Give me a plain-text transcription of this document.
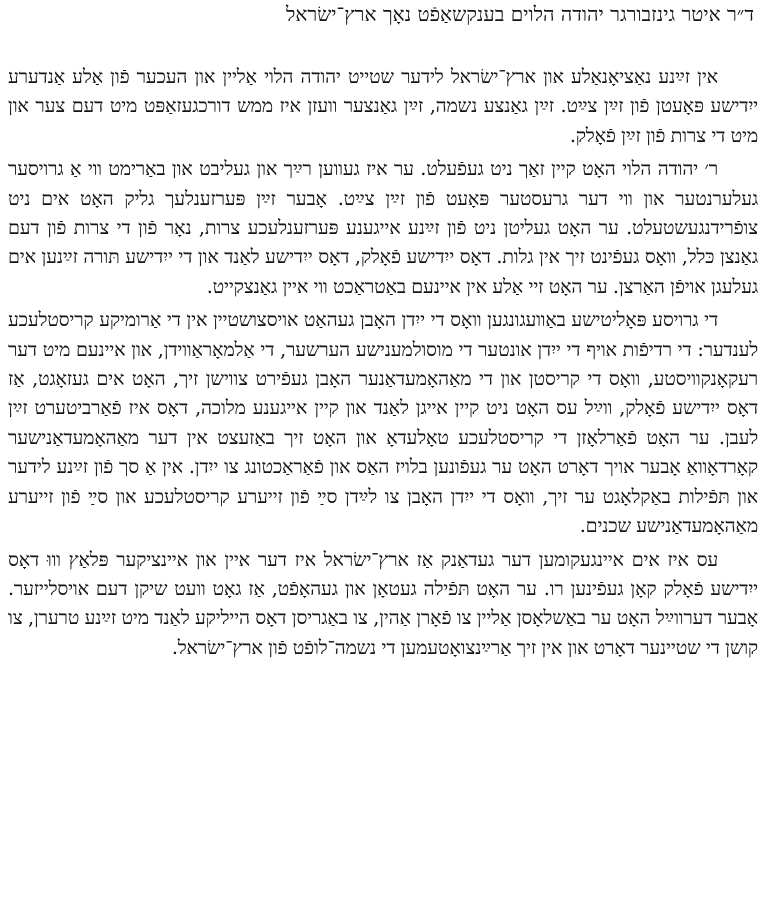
ד״ר איטר גינזבורגר יהודה הלוים בענקשאַפֿט נאָך ארץ־ישׂראל

אין זײַנע נאַציאָנאַלע און ארץ־ישׂראל לידער שטייט יהודה הלוי אַליין און העכער פֿון אַלע אַנדערע ייִדישע פּאָעטן פֿון זײַן צײַט. זײַן גאַנצע נשמה, זײַן גאַנצער װעזן איז ממש דורכגעזאַפּט מיט דעם צער און מיט די צרות פֿון זײַן פֿאָלק.

ר׳ יהודה הלוי האָט קיין זאַך ניט געפֿעלט. ער איז געװען רײַך און געליבט און באַרימט װי אַ גרויסער געלערנטער און װי דער גרעסטער פּאָעט פֿון זײַן צײַט. אָבער זײַן פּערזענלעך גליק האָט אים ניט צופֿרידנגעשטעלט. ער האָט געליטן ניט פֿון זײַנע אייגענע פּערזענלעכע צרות, נאָר פֿון די צרות פֿון דעם גאַנצן כּלל, װאָס געפֿינט זיך אין גלות. דאָס ייִדישע פֿאָלק, דאָס ייִדישע לאַנד און די ייִדישע תּורה זײַנען אים געלעגן אויפֿן האַרצן. ער האָט זיי אַלע אין איינעם באַטראַכט װי איין גאַנצקייט.

די גרויסע פּאָליטישע באַװעגונגען װאָס די ייִדן האָבן געהאַט אויסצושטיין אין די אַרומיקע קריסטלעכע לענדער: די רדיפֿות אויף די ייִדן אונטער די מוסולמענישע הערשער, די אַלמאָראַװידן, און איינעם מיט דער רעקאָנקוויסטע, װאָס די קריסטן און די מאַהאָמעדאַנער האָבן געפֿירט צווישן זיך, האָט אים געזאָגט, אַז דאָס ייִדישע פֿאָלק, װײַל עס האָט ניט קיין אייגן לאַנד און קיין אייגענע מלוכה, דאָס איז פֿאַרביטערט זײַן לעבן. ער האָט פֿאַרלאָזן די קריסטלעכע טאָלעדאָ און האָט זיך באַזעצט אין דער מאַהאָמעדאַנישער קאָרדאָװאַ אָבער אויך דאָרט האָט ער געפֿונען בלויז האַס און פֿאַראַכטונג צו ייִדן. אין אַ סך פֿון זײַנע לידער און תּפֿילות באַקלאָגט ער זיך, װאָס די ייִדן האָבן צו לײַדן סײַ פֿון זייערע קריסטלעכע און סײַ פֿון זייערע מאַהאָמעדאַנישע שכנים.

עס איז אים איינגעקומען דער געדאַנק אַז ארץ־ישׂראל איז דער איין און איינציקער פּלאַץ װוּ דאָס ייִדישע פֿאָלק קאָן געפֿינען רו. ער האָט תּפֿילה געטאָן און געהאָפֿט, אַז גאָט װעט שיקן דעם אויסלייזער. אָבער דערװײַל האָט ער באַשלאָסן אַליין צו פֿאָרן אַהין, צו באַגריסן דאָס הייליקע לאַנד מיט זײַנע טרערן, צו קושן די שטיינער דאָרט און אין זיך אַרײַנצואָטעמען די נשמה־לופֿט פֿון ארץ־ישׂראל.
